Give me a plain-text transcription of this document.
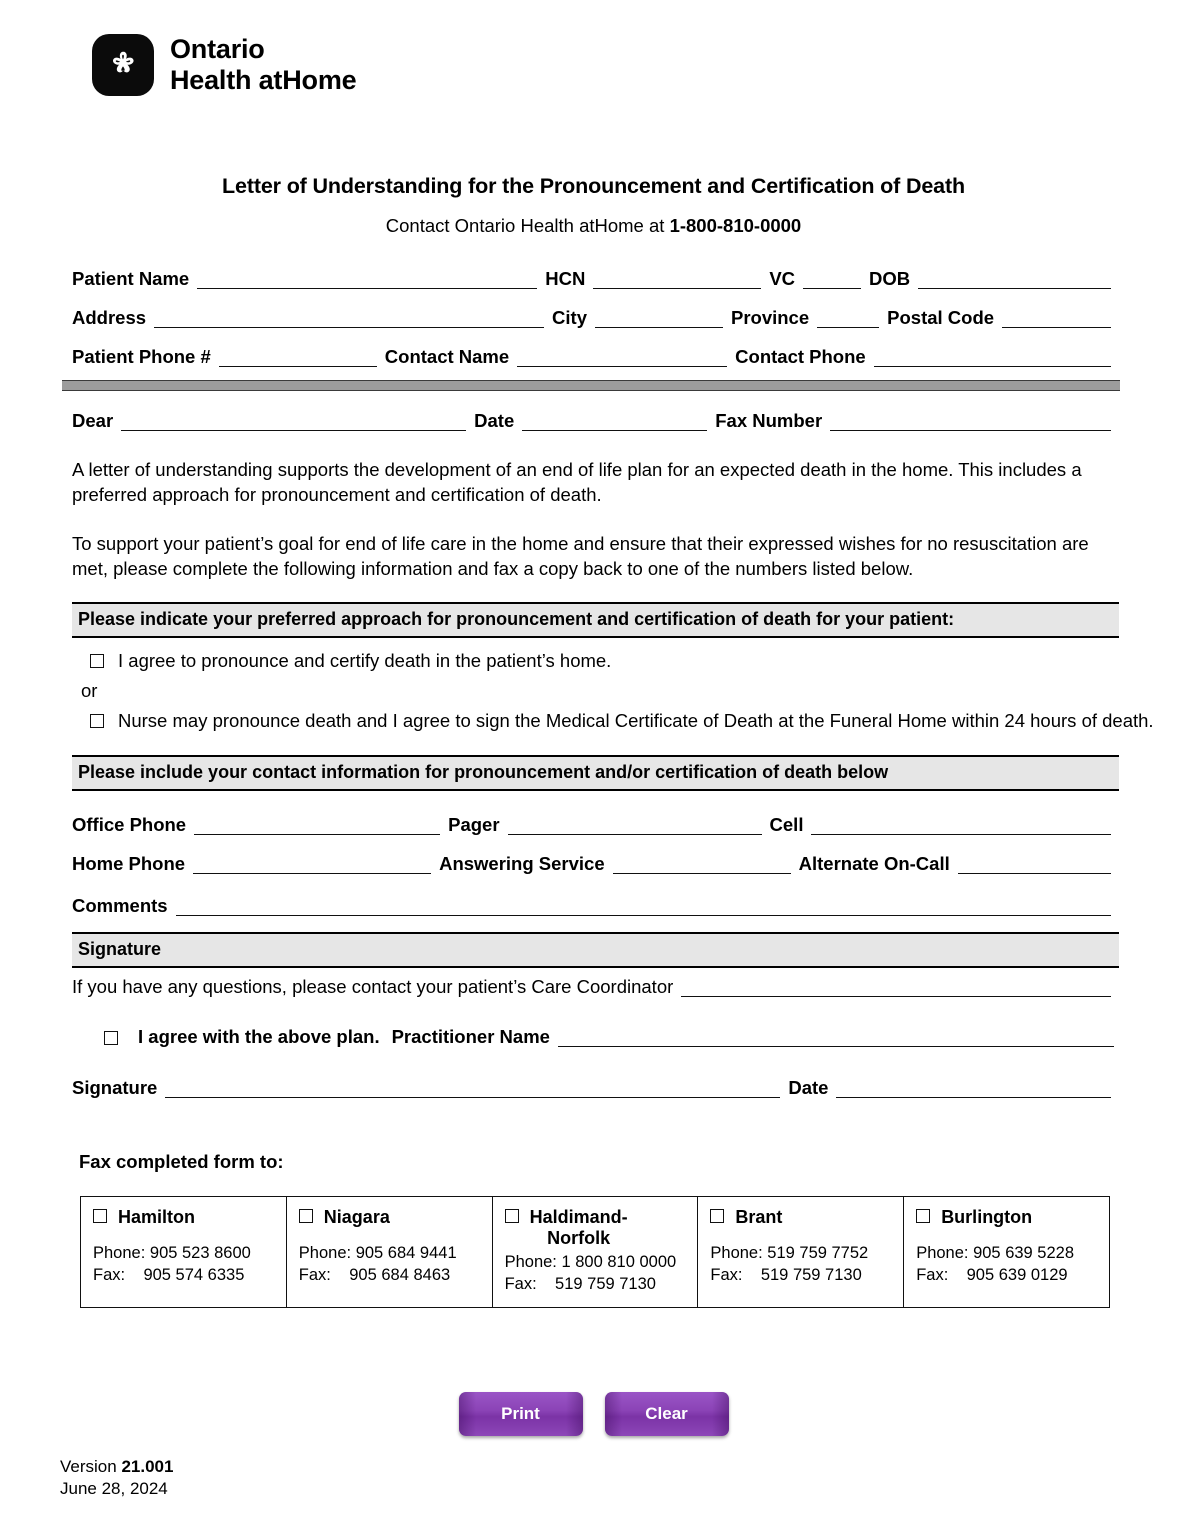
Ontario
Health atHome
Letter of Understanding for the Pronouncement and Certification of Death
Contact Ontario Health atHome at 1-800-810-0000
Patient Name	HCN	VC	DOB
Address	City	Province	Postal Code
Patient Phone #	Contact Name	Contact Phone
Dear	Date	Fax Number
A letter of understanding supports the development of an end of life plan for an expected death in the home. This includes a preferred approach for pronouncement and certification of death.
To support your patient’s goal for end of life care in the home and ensure that their expressed wishes for no resuscitation are met, please complete the following information and fax a copy back to one of the numbers listed below.
Please indicate your preferred approach for pronouncement and certification of death for your patient:
I agree to pronounce and certify death in the patient’s home.
or
Nurse may pronounce death and I agree to sign the Medical Certificate of Death at the Funeral Home within 24 hours of death.
Please include your contact information for pronouncement and/or certification of death below
Office Phone	Pager	Cell
Home Phone	Answering Service	Alternate On-Call
Comments
Signature
If you have any questions, please contact your patient’s Care Coordinator
I agree with the above plan. Practitioner Name
Signature	Date
Fax completed form to:
Hamilton
Phone: 905 523 8600
Fax: 905 574 6335
Niagara
Phone: 905 684 9441
Fax: 905 684 8463
Haldimand-
Norfolk
Phone: 1 800 810 0000
Fax: 519 759 7130
Brant
Phone: 519 759 7752
Fax: 519 759 7130
Burlington
Phone: 905 639 5228
Fax: 905 639 0129
Print	Clear
Version 21.001
June 28, 2024
